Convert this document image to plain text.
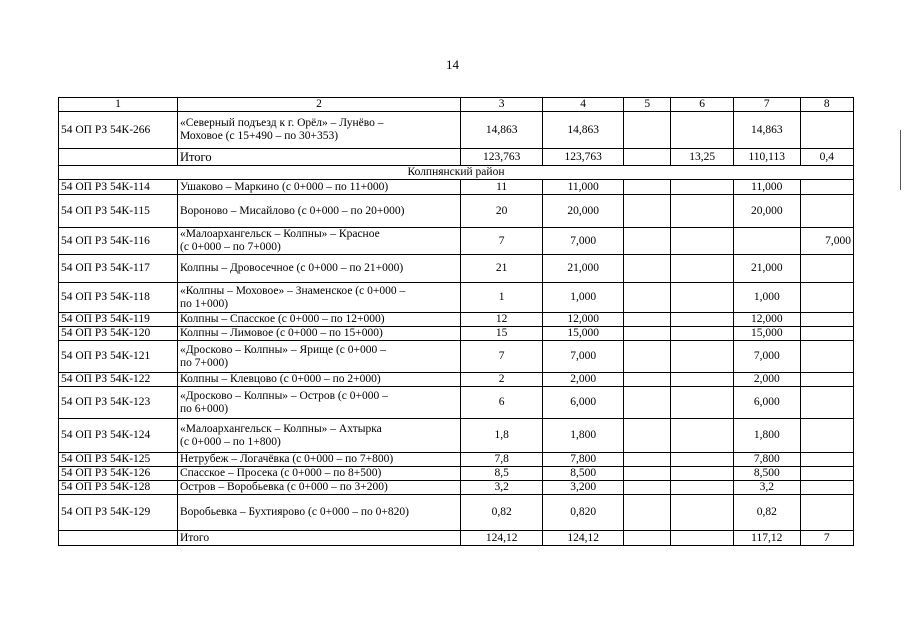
14
1	2	3	4	5	6	7	8
54 ОП РЗ 54К-266	«Северный подъезд к г. Орёл» – Лунёво –
Моховое (с 15+490 – по 30+353)	14,863	14,863			14,863	
	Итого	123,763	123,763		13,25	110,113	0,4
Колпнянский район							
54 ОП РЗ 54К-114	Ушаково – Маркино (с 0+000 – по 11+000)	11	11,000			11,000	
54 ОП РЗ 54К-115	Вороново – Мисайлово (с 0+000 – по 20+000)	20	20,000			20,000	
54 ОП РЗ 54К-116	«Малоархангельск – Колпны» – Красное
(с 0+000 – по 7+000)	7	7,000				7,000
54 ОП РЗ 54К-117	Колпны – Дровосечное (с 0+000 – по 21+000)	21	21,000			21,000	
54 ОП РЗ 54К-118	«Колпны – Моховое» – Знаменское (с 0+000 –
по 1+000)	1	1,000			1,000	
54 ОП РЗ 54К-119	Колпны – Спасское (с 0+000 – по 12+000)	12	12,000			12,000	
54 ОП РЗ 54К-120	Колпны – Лимовое (с 0+000 – по 15+000)	15	15,000			15,000	
54 ОП РЗ 54К-121	«Дросково – Колпны» – Ярище (с 0+000 –
по 7+000)	7	7,000			7,000	
54 ОП РЗ 54К-122	Колпны – Клевцово (с 0+000 – по 2+000)	2	2,000			2,000	
54 ОП РЗ 54К-123	«Дросково – Колпны» – Остров (с 0+000 –
по 6+000)	6	6,000			6,000	
54 ОП РЗ 54К-124	«Малоархангельск – Колпны» – Ахтырка
(с 0+000 – по 1+800)	1,8	1,800			1,800	
54 ОП РЗ 54К-125	Нетрубеж – Логачёвка (с 0+000 – по 7+800)	7,8	7,800			7,800	
54 ОП РЗ 54К-126	Спасское – Просека (с 0+000 – по 8+500)	8,5	8,500			8,500	
54 ОП РЗ 54К-128	Остров – Воробьевка (с 0+000 – по 3+200)	3,2	3,200			3,2	
54 ОП РЗ 54К-129	Воробьевка – Бухтиярово (с 0+000 – по 0+820)	0,82	0,820			0,82	
	Итого	124,12	124,12			117,12	7
